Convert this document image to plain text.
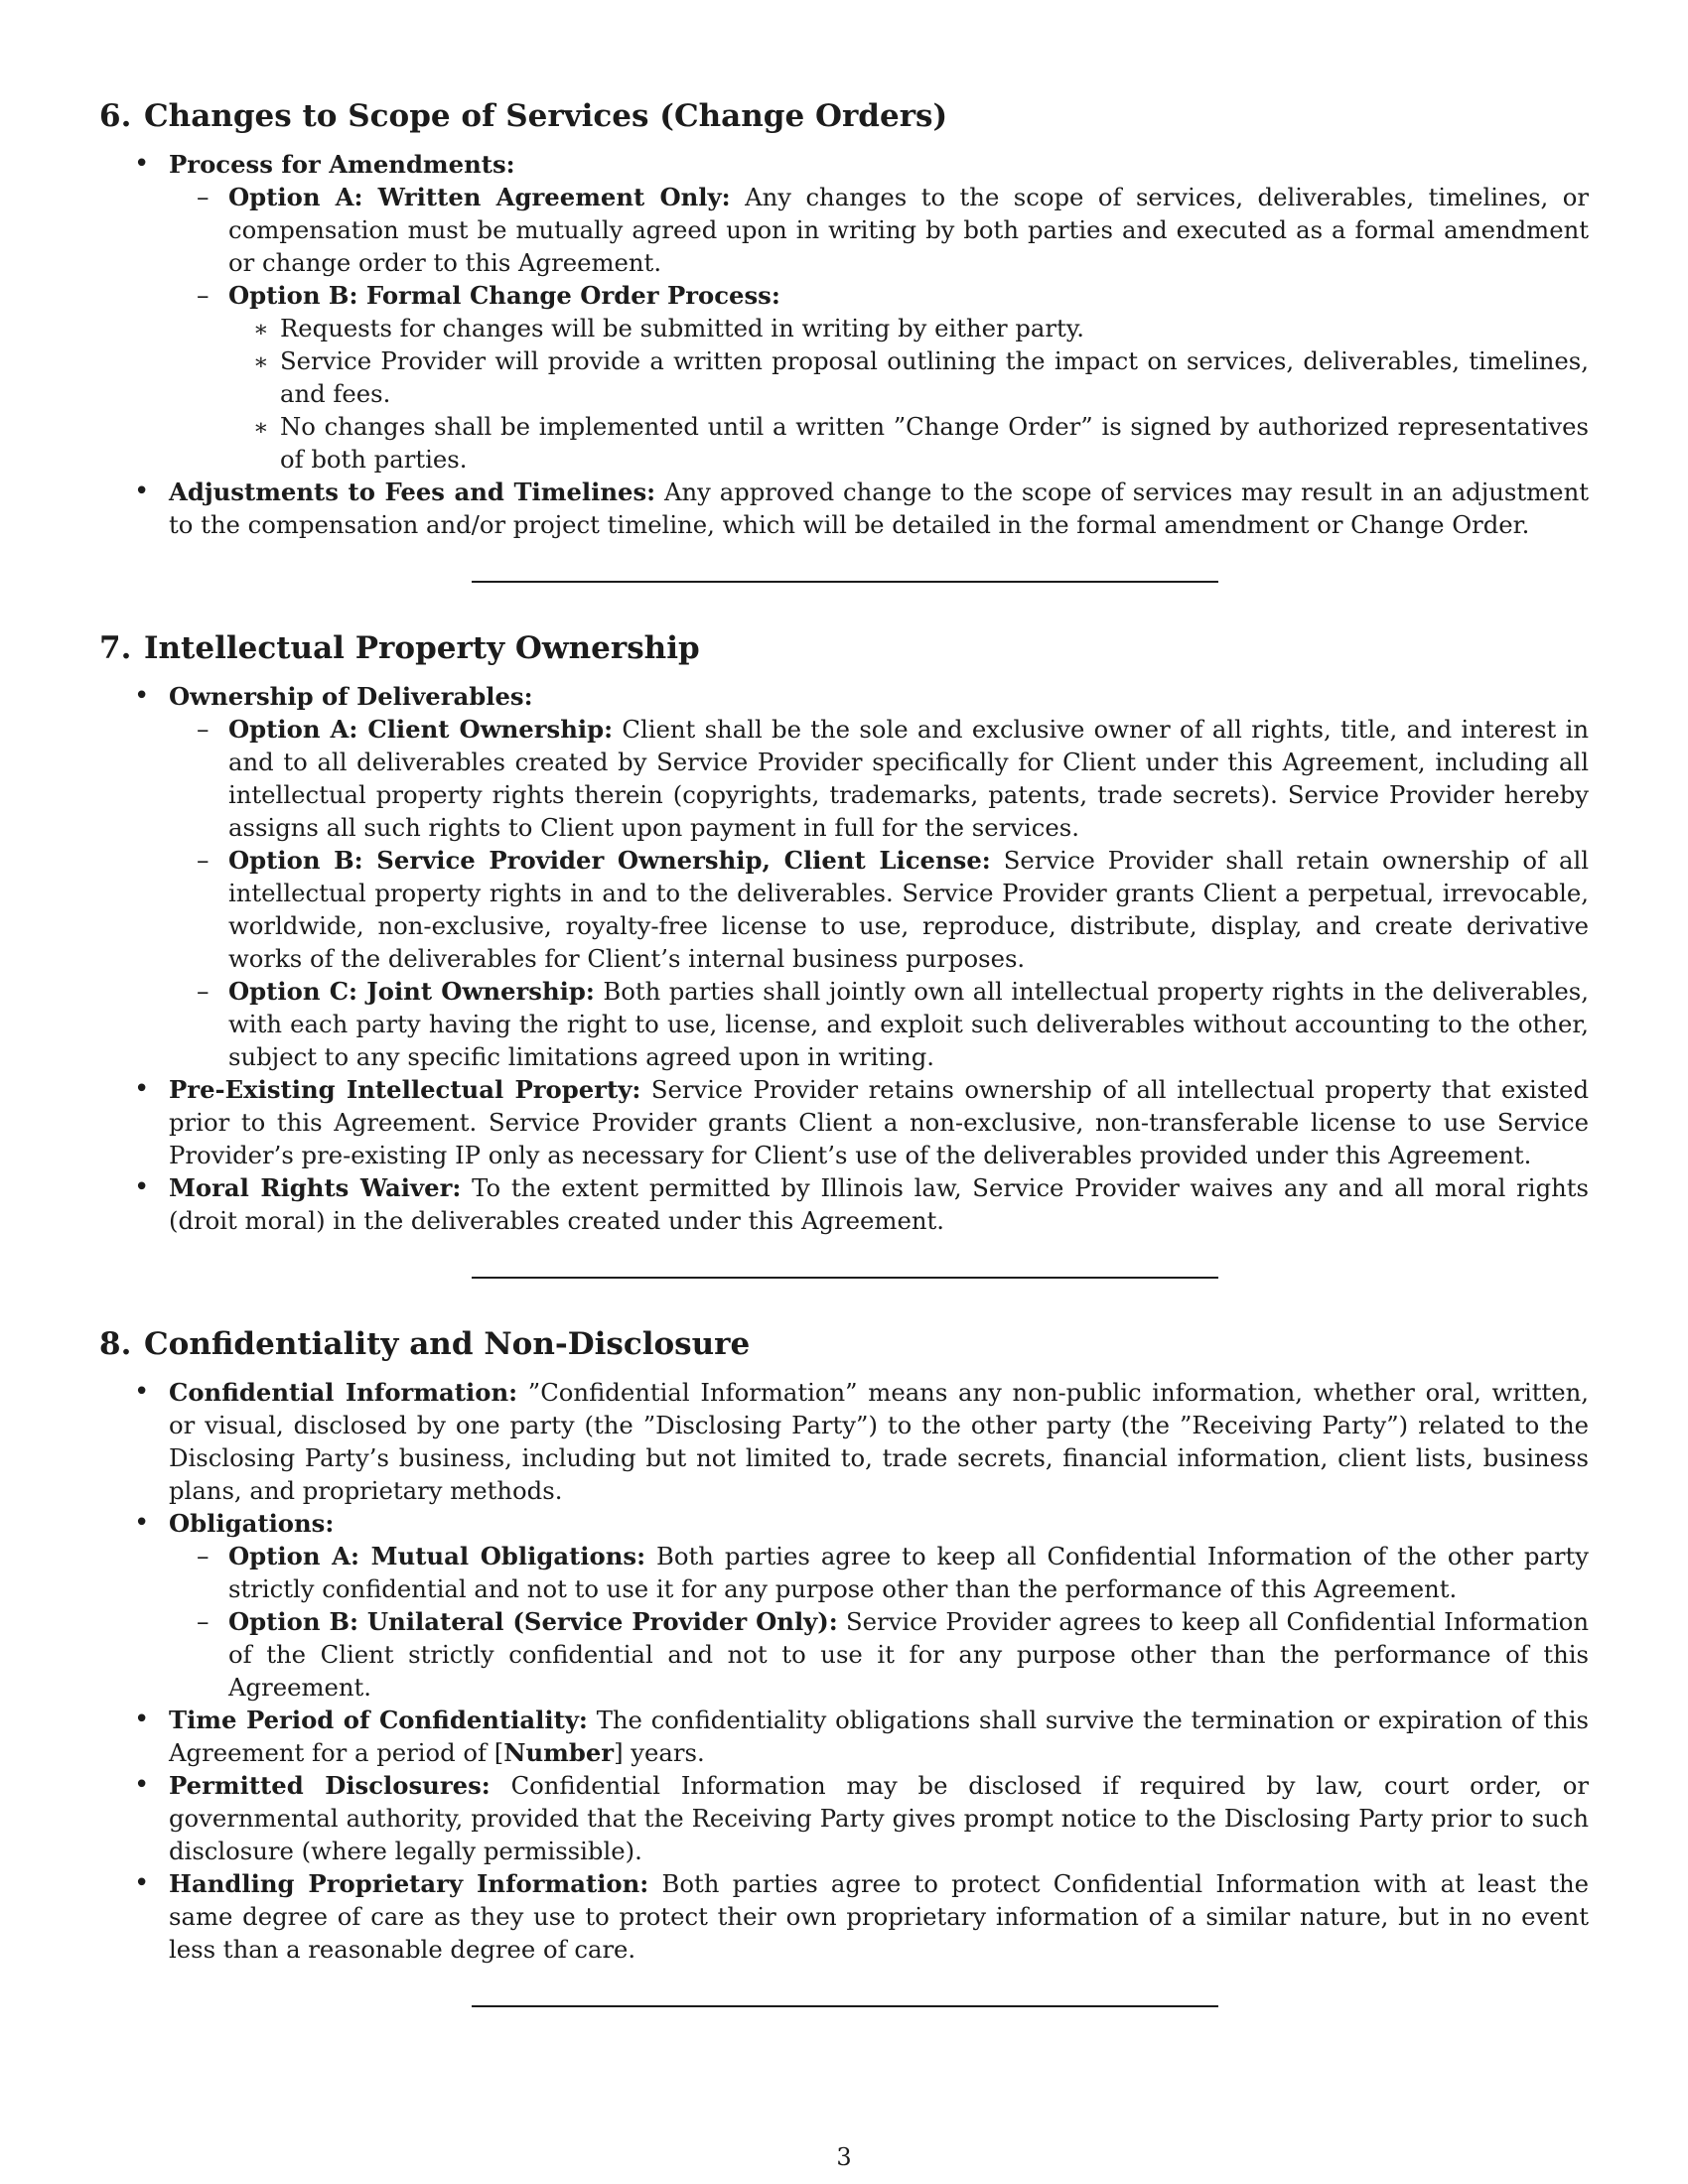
6. Changes to Scope of Services (Change Orders)
• Process for Amendments:
– Option A: Written Agreement Only: Any changes to the scope of services, deliverables, timelines, or compensation must be mutually agreed upon in writing by both parties and executed as a formal amendment or change order to this Agreement.
– Option B: Formal Change Order Process:
∗ Requests for changes will be submitted in writing by either party.
∗ Service Provider will provide a written proposal outlining the impact on services, deliverables, timelines, and fees.
∗ No changes shall be implemented until a written ”Change Order” is signed by authorized representatives of both parties.
• Adjustments to Fees and Timelines: Any approved change to the scope of services may result in an adjustment to the compensation and/or project timeline, which will be detailed in the formal amendment or Change Order.
7. Intellectual Property Ownership
• Ownership of Deliverables:
– Option A: Client Ownership: Client shall be the sole and exclusive owner of all rights, title, and interest in and to all deliverables created by Service Provider specifically for Client under this Agreement, including all intellectual property rights therein (copyrights, trademarks, patents, trade secrets). Service Provider hereby assigns all such rights to Client upon payment in full for the services.
– Option B: Service Provider Ownership, Client License: Service Provider shall retain ownership of all intellectual property rights in and to the deliverables. Service Provider grants Client a perpetual, irrevocable, worldwide, non-exclusive, royalty-free license to use, reproduce, distribute, display, and create derivative works of the deliverables for Client’s internal business purposes.
– Option C: Joint Ownership: Both parties shall jointly own all intellectual property rights in the deliverables, with each party having the right to use, license, and exploit such deliverables without accounting to the other, subject to any specific limitations agreed upon in writing.
• Pre-Existing Intellectual Property: Service Provider retains ownership of all intellectual property that existed prior to this Agreement. Service Provider grants Client a non-exclusive, non-transferable license to use Service Provider’s pre-existing IP only as necessary for Client’s use of the deliverables provided under this Agreement.
• Moral Rights Waiver: To the extent permitted by Illinois law, Service Provider waives any and all moral rights (droit moral) in the deliverables created under this Agreement.
8. Confidentiality and Non-Disclosure
• Confidential Information: ”Confidential Information” means any non-public information, whether oral, written, or visual, disclosed by one party (the ”Disclosing Party”) to the other party (the ”Receiving Party”) related to the Disclosing Party’s business, including but not limited to, trade secrets, financial information, client lists, business plans, and proprietary methods.
• Obligations:
– Option A: Mutual Obligations: Both parties agree to keep all Confidential Information of the other party strictly confidential and not to use it for any purpose other than the performance of this Agreement.
– Option B: Unilateral (Service Provider Only): Service Provider agrees to keep all Confidential Information of the Client strictly confidential and not to use it for any purpose other than the performance of this Agreement.
• Time Period of Confidentiality: The confidentiality obligations shall survive the termination or expiration of this Agreement for a period of [Number] years.
• Permitted Disclosures: Confidential Information may be disclosed if required by law, court order, or governmental authority, provided that the Receiving Party gives prompt notice to the Disclosing Party prior to such disclosure (where legally permissible).
• Handling Proprietary Information: Both parties agree to protect Confidential Information with at least the same degree of care as they use to protect their own proprietary information of a similar nature, but in no event less than a reasonable degree of care.
3
